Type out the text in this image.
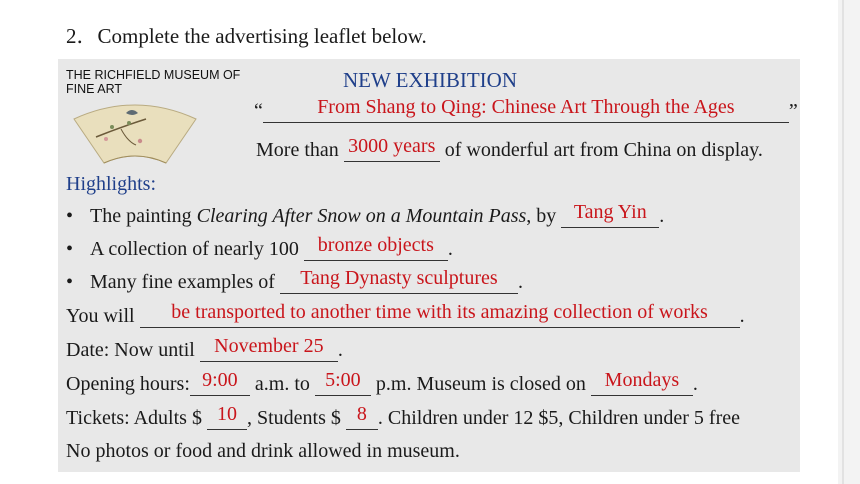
2．Complete the advertising leaflet below.
THE RICHFIELD MUSEUM OF FINE ART	NEW EXHIBITION
“	From Shang to Qing: Chinese Art Through the Ages	”
More than 3000 years of wonderful art from China on display.
Highlights:
• The painting Clearing After Snow on a Mountain Pass, by Tang Yin .
• A collection of nearly 100 bronze objects .
• Many fine examples of	Tang Dynasty sculptures	.
You will	be transported to another time with its amazing collection of works	.
Date: Now until November 25 .
Opening hours: 9:00 a.m. to 5:00 p.m. Museum is closed on Mondays .
Tickets: Adults $ 10 , Students $ 8 . Children under 12 $5, Children under 5 free
No photos or food and drink allowed in museum.
